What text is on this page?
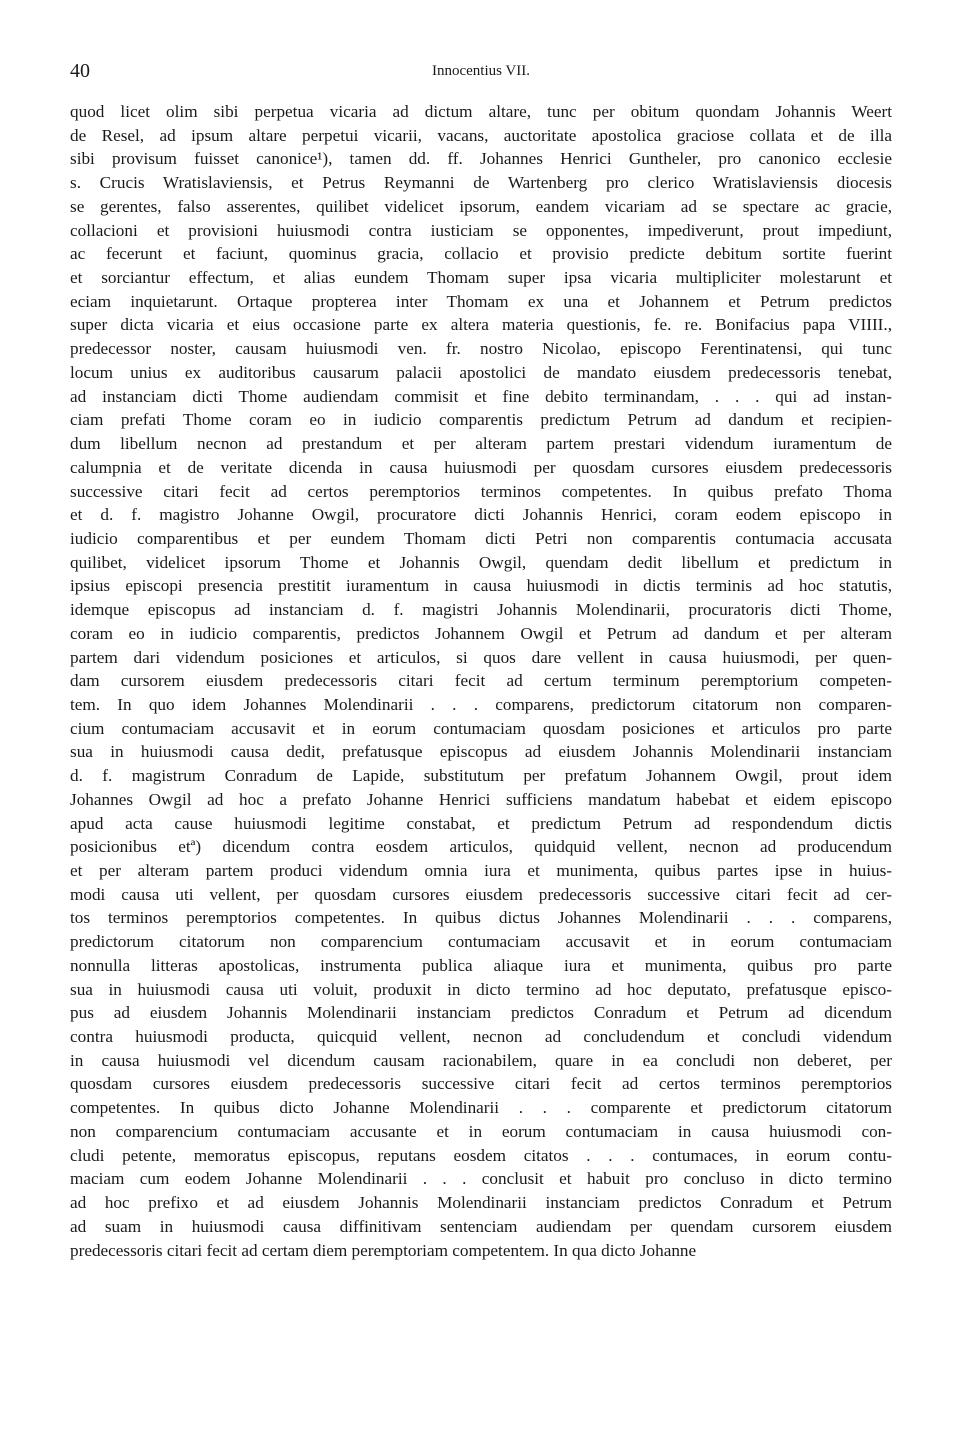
40	Innocentius VII.
quod licet olim sibi perpetua vicaria ad dictum altare, tunc per obitum quondam Johannis Weert
de Resel, ad ipsum altare perpetui vicarii, vacans, auctoritate apostolica graciose collata et de illa
sibi provisum fuisset canonice¹), tamen dd. ff. Johannes Henrici Guntheler, pro canonico ecclesie
s. Crucis Wratislaviensis, et Petrus Reymanni de Wartenberg pro clerico Wratislaviensis diocesis
se gerentes, falso asserentes, quilibet videlicet ipsorum, eandem vicariam ad se spectare ac gracie,
collacioni et provisioni huiusmodi contra iusticiam se opponentes, impediverunt, prout impediunt,
ac fecerunt et faciunt, quominus gracia, collacio et provisio predicte debitum sortite fuerint
et sorciantur effectum, et alias eundem Thomam super ipsa vicaria multipliciter molestarunt et
eciam inquietarunt. Ortaque propterea inter Thomam ex una et Johannem et Petrum predictos
super dicta vicaria et eius occasione parte ex altera materia questionis, fe. re. Bonifacius papa VIIII.,
predecessor noster, causam huiusmodi ven. fr. nostro Nicolao, episcopo Ferentinatensi, qui tunc
locum unius ex auditoribus causarum palacii apostolici de mandato eiusdem predecessoris tenebat,
ad instanciam dicti Thome audiendam commisit et fine debito terminandam, . . . qui ad instan-
ciam prefati Thome coram eo in iudicio comparentis predictum Petrum ad dandum et recipien-
dum libellum necnon ad prestandum et per alteram partem prestari videndum iuramentum de
calumpnia et de veritate dicenda in causa huiusmodi per quosdam cursores eiusdem predecessoris
successive citari fecit ad certos peremptorios terminos competentes. In quibus prefato Thoma
et d. f. magistro Johanne Owgil, procuratore dicti Johannis Henrici, coram eodem episcopo in
iudicio comparentibus et per eundem Thomam dicti Petri non comparentis contumacia accusata
quilibet, videlicet ipsorum Thome et Johannis Owgil, quendam dedit libellum et predictum in
ipsius episcopi presencia prestitit iuramentum in causa huiusmodi in dictis terminis ad hoc statutis,
idemque episcopus ad instanciam d. f. magistri Johannis Molendinarii, procuratoris dicti Thome,
coram eo in iudicio comparentis, predictos Johannem Owgil et Petrum ad dandum et per alteram
partem dari videndum posiciones et articulos, si quos dare vellent in causa huiusmodi, per quen-
dam cursorem eiusdem predecessoris citari fecit ad certum terminum peremptorium competen-
tem. In quo idem Johannes Molendinarii . . . comparens, predictorum citatorum non comparen-
cium contumaciam accusavit et in eorum contumaciam quosdam posiciones et articulos pro parte
sua in huiusmodi causa dedit, prefatusque episcopus ad eiusdem Johannis Molendinarii instanciam
d. f. magistrum Conradum de Lapide, substitutum per prefatum Johannem Owgil, prout idem
Johannes Owgil ad hoc a prefato Johanne Henrici sufficiens mandatum habebat et eidem episcopo
apud acta cause huiusmodi legitime constabat, et predictum Petrum ad respondendum dictis
posicionibus etª) dicendum contra eosdem articulos, quidquid vellent, necnon ad producendum
et per alteram partem produci videndum omnia iura et munimenta, quibus partes ipse in huius-
modi causa uti vellent, per quosdam cursores eiusdem predecessoris successive citari fecit ad cer-
tos terminos peremptorios competentes. In quibus dictus Johannes Molendinarii . . . comparens,
predictorum citatorum non comparencium contumaciam accusavit et in eorum contumaciam
nonnulla litteras apostolicas, instrumenta publica aliaque iura et munimenta, quibus pro parte
sua in huiusmodi causa uti voluit, produxit in dicto termino ad hoc deputato, prefatusque episco-
pus ad eiusdem Johannis Molendinarii instanciam predictos Conradum et Petrum ad dicendum
contra huiusmodi producta, quicquid vellent, necnon ad concludendum et concludi videndum
in causa huiusmodi vel dicendum causam racionabilem, quare in ea concludi non deberet, per
quosdam cursores eiusdem predecessoris successive citari fecit ad certos terminos peremptorios
competentes. In quibus dicto Johanne Molendinarii . . . comparente et predictorum citatorum
non comparencium contumaciam accusante et in eorum contumaciam in causa huiusmodi con-
cludi petente, memoratus episcopus, reputans eosdem citatos . . . contumaces, in eorum contu-
maciam cum eodem Johanne Molendinarii . . . conclusit et habuit pro concluso in dicto termino
ad hoc prefixo et ad eiusdem Johannis Molendinarii instanciam predictos Conradum et Petrum
ad suam in huiusmodi causa diffinitivam sentenciam audiendam per quendam cursorem eiusdem
predecessoris citari fecit ad certam diem peremptoriam competentem. In qua dicto Johanne
